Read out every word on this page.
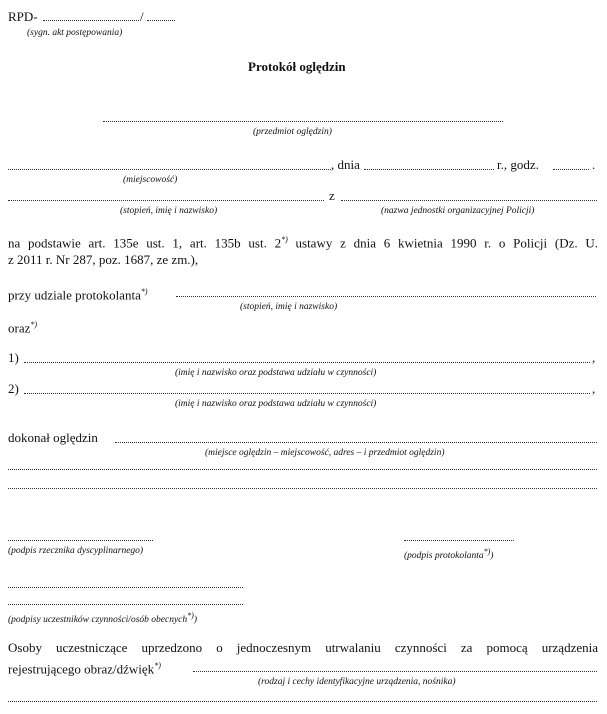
RPD-	/
(sygn. akt postępowania)
Protokół oględzin
(przedmiot oględzin)
, dnia	r., godz.	.
(miejscowość)
z
(stopień, imię i nazwisko)	(nazwa jednostki organizacyjnej Policji)
na podstawie art. 135e ust. 1, art. 135b ust. 2*) ustawy z dnia 6 kwietnia 1990 r. o Policji (Dz. U.
z 2011 r. Nr 287, poz. 1687, ze zm.),
przy udziale protokolanta*)
(stopień, imię i nazwisko)
oraz*)
1)	,
(imię i nazwisko oraz podstawa udziału w czynności)
2)	,
(imię i nazwisko oraz podstawa udziału w czynności)
dokonał oględzin
(miejsce oględzin – miejscowość, adres – i przedmiot oględzin)
(podpis rzecznika dyscyplinarnego)
(podpis protokolanta*))
(podpisy uczestników czynności/osób obecnych*))
Osoby uczestniczące uprzedzono o jednoczesnym utrwalaniu czynności za pomocą urządzenia
rejestrującego obraz/dźwięk*)
(rodzaj i cechy identyfikacyjne urządzenia, nośnika)
